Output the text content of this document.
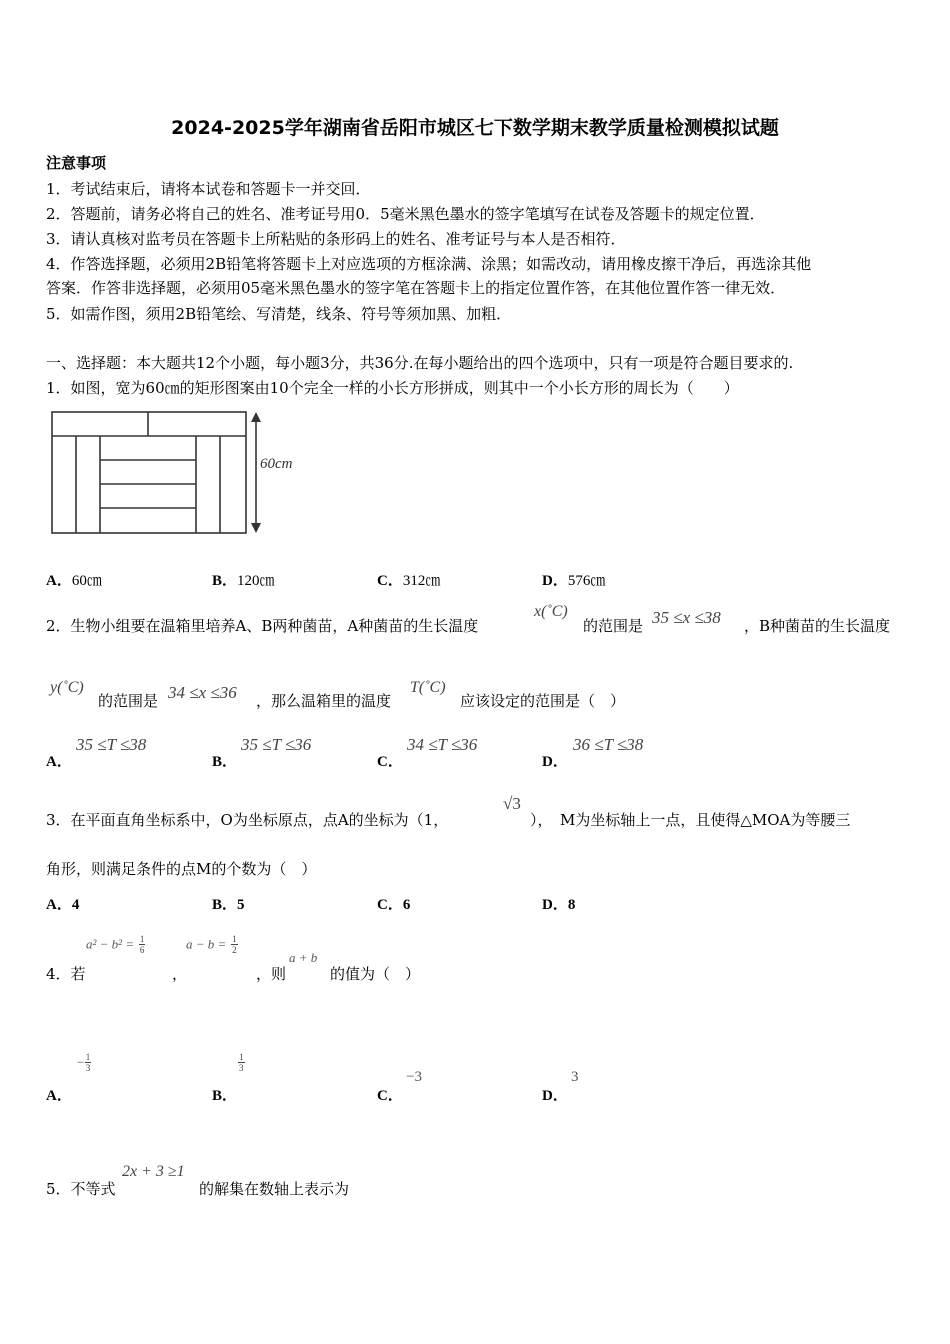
2024-2025学年湖南省岳阳市城区七下数学期末教学质量检测模拟试题
注意事项
1．考试结束后，请将本试卷和答题卡一并交回．
2．答题前，请务必将自己的姓名、准考证号用0．5毫米黑色墨水的签字笔填写在试卷及答题卡的规定位置．
3．请认真核对监考员在答题卡上所粘贴的条形码上的姓名、准考证号与本人是否相符．
4．作答选择题，必须用2B铅笔将答题卡上对应选项的方框涂满、涂黑；如需改动，请用橡皮擦干净后，再选涂其他
答案．作答非选择题，必须用05毫米黑色墨水的签字笔在答题卡上的指定位置作答，在其他位置作答一律无效．
5．如需作图，须用2B铅笔绘、写清楚，线条、符号等须加黑、加粗．
一、选择题：本大题共12个小题，每小题3分，共36分.在每小题给出的四个选项中，只有一项是符合题目要求的.
1．如图，宽为60㎝的矩形图案由10个完全一样的小长方形拼成，则其中一个小长方形的周长为（　　）
60cm
A．60㎝	B．120㎝	C．312㎝	D．576㎝
2．生物小组要在温箱里培养A、B两种菌苗，A种菌苗的生长温度
x(˚C)
的范围是 35 ≤x ≤38 ，B种菌苗的生长温度
y(˚C)
的范围是 34 ≤x ≤36 ，那么温箱里的温度
T(˚C)
应该设定的范围是（　）
A．
35 ≤T ≤38
B．
35 ≤T ≤36
C．
34 ≤T ≤36
D．
36 ≤T ≤38
3．在平面直角坐标系中，O为坐标原点，点A的坐标为（1，
√3
），　M为坐标轴上一点，且使得△MOA为等腰三
角形，则满足条件的点M的个数为（　）
A．4	B．5	C．6	D．8
$a^2 - b^2 = \frac{1}{6}$	$a - b = \frac{1}{2}$
4．若	，	，则
a + b
的值为（　）
A．
− $\frac{1}{3}$
B．
$\frac{1}{3}$
C．
−3
D．
3
5．不等式
2x + 3 ≥1
的解集在数轴上表示为
